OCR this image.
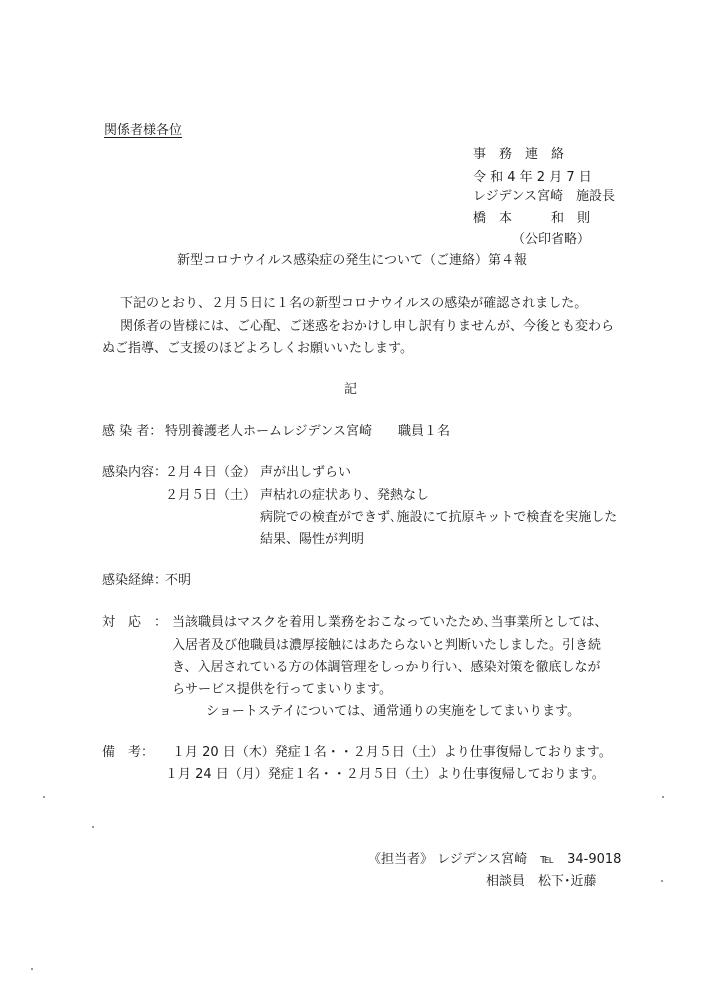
関係者様各位
事　務　連　絡
令 和 4 年 2 月 7 日
レジデンス宮崎　施設長
橋　本　　　和　則
（公印省略）
新型コロナウイルス感染症の発生について（ご連絡）第４報
下記のとおり、２月５日に１名の新型コロナウイルスの感染が確認されました。
関係者の皆様には、ご心配、ご迷惑をおかけし申し訳有りませんが、今後とも変わら
ぬご指導、ご支援のほどよろしくお願いいたします。
記
感 染 者： 特別養護老人ホームレジデンス宮崎 職員１名
感染内容：
２月４日（金） 声が出しずらい
２月５日（土） 声枯れの症状あり、発熱なし
病院での検査ができず､施設にて抗原キットで検査を実施した
結果、陽性が判明
感染経緯：
不明
対　応　： 当該職員はマスクを着用し業務をおこなっていたため､当事業所としては、
入居者及び他職員は濃厚接触にはあたらないと判断いたしました。引き続
き、入居されている方の体調管理をしっかり行い、感染対策を徹底しなが
らサービス提供を行ってまいります。
ショートステイについては、通常通りの実施をしてまいります。
備　考： １月 20 日（木）発症１名・・２月５日（土）より仕事復帰しております。
１月 24 日（月）発症１名・・２月５日（土）より仕事復帰しております。
《担当者》 レジデンス宮崎　℡　34-9018
相談員　松下･近藤
